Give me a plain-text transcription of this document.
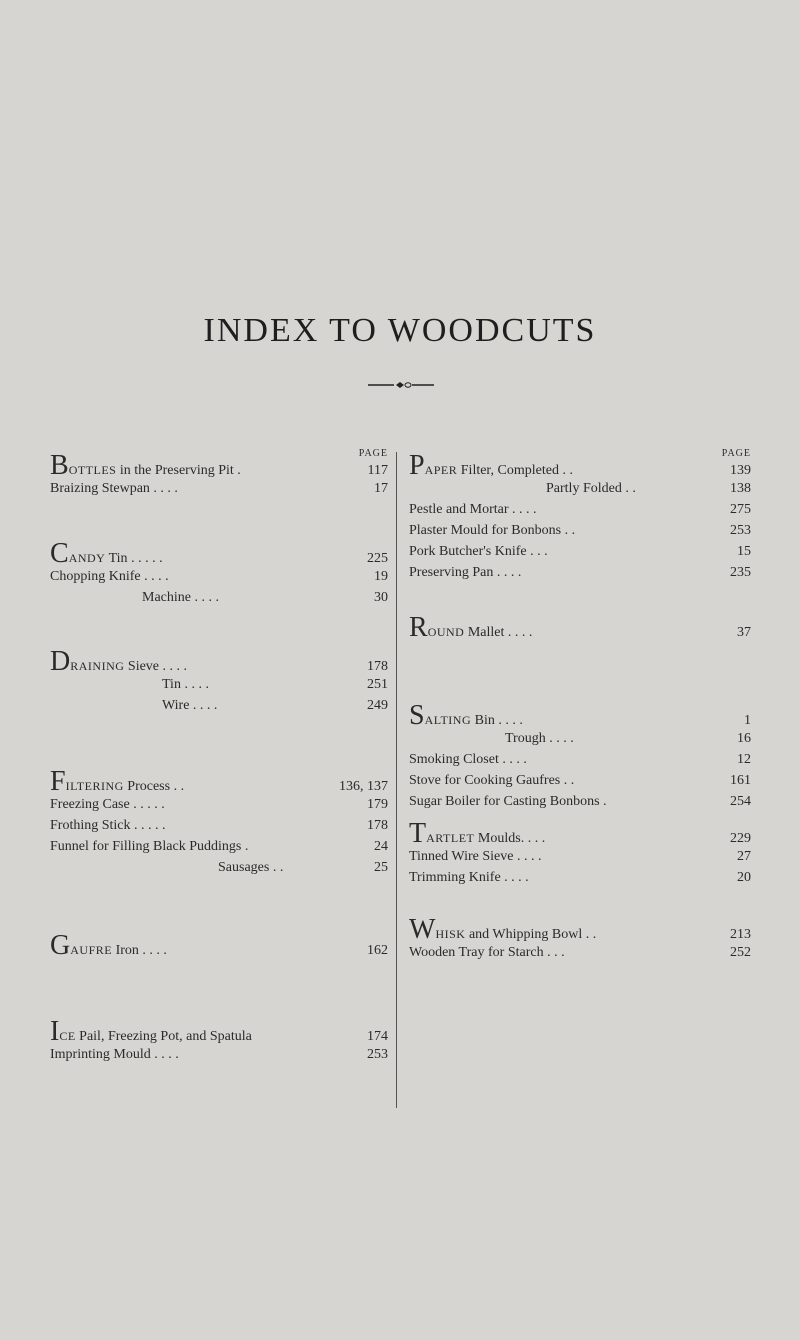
INDEX TO WOODCUTS
PAGE
BOTTLES in the Preserving Pit .	117
Braizing Stewpan . . . .	17
CANDY Tin . . . . .	225
Chopping Knife . . . .	19
Machine . . . .	30
DRAINING Sieve . . . .	178
Tin . . . .	251
Wire . . . .	249
FILTERING Process . .	136, 137
Freezing Case . . . . .	179
Frothing Stick . . . . .	178
Funnel for Filling Black Puddings .	24
Sausages . .	25
GAUFRE Iron . . . .	162
ICE Pail, Freezing Pot, and Spatula	174
Imprinting Mould . . . .	253
PAGE
PAPER Filter, Completed . .	139
Partly Folded . .	138
Pestle and Mortar . . . .	275
Plaster Mould for Bonbons . .	253
Pork Butcher's Knife . . .	15
Preserving Pan . . . .	235
ROUND Mallet . . . .	37
SALTING Bin . . . .	1
Trough . . . .	16
Smoking Closet . . . .	12
Stove for Cooking Gaufres . .	161
Sugar Boiler for Casting Bonbons .	254
TARTLET Moulds. . . .	229
Tinned Wire Sieve . . . .	27
Trimming Knife . . . .	20
WHISK and Whipping Bowl . .	213
Wooden Tray for Starch . . .	252
